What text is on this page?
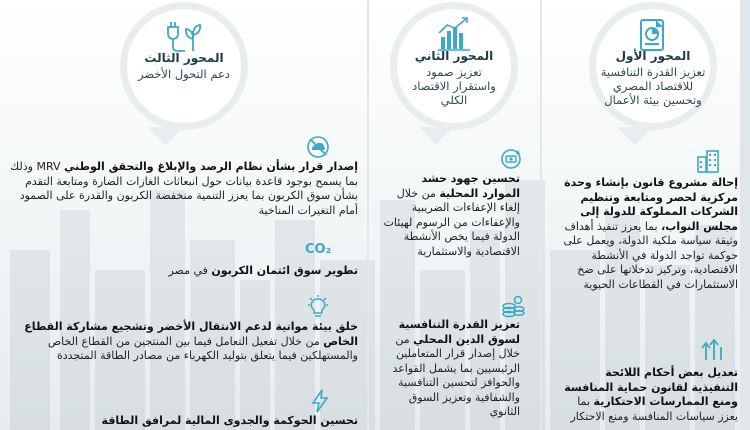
المحور الأول
تعزيز القدرة التنافسية للاقتصاد المصري وتحسين بيئة الأعمال
إحالة مشروع قانون بإنشاء وحدة مركزية لحصر ومتابعة وتنظيم الشركات المملوكة للدولة إلى مجلس النواب، بما يعزز تنفيذ أهداف وثيقة سياسة ملكية الدولة، ويعمل على حوكمة تواجد الدولة في الأنشطة الاقتصادية، وتركيز تدخلاتها على ضخ الاستثمارات في القطاعات الحيوية
تعديل بعض أحكام اللائحة التنفيذية لقانون حماية المنافسة ومنع الممارسات الاحتكارية بما يعزز سياسات المنافسة ومنع الاحتكار
المحور الثاني
تعزيز صمود واستقرار الاقتصاد الكلي
تحسين جهود حشد الموارد المحلية من خلال إلغاء الإعفاءات الضريبية والإعفاءات من الرسوم لهيئات الدولة فيما يخص الأنشطة الاقتصادية والاستثمارية
تعزيز القدرة التنافسية لسوق الدين المحلي من خلال إصدار قرار المتعاملين الرئيسيين بما يشمل القواعد والحوافز لتحسين التنافسية والشفافية وتعزيز السوق الثانوي
المحور الثالث
دعم التحول الأخضر
إصدار قرار بشأن نظام الرصد والإبلاغ والتحقق الوطني MRV وذلك بما يسمح بوجود قاعدة بيانات حول انبعاثات الغازات الضارة ومتابعة التقدم بشأن سوق الكربون بما يعزز التنمية منخفضة الكربون والقدرة على الصمود أمام التغيرات المناخية
CO₂
تطوير سوق ائتمان الكربون في مصر
خلق بيئة مواتية لدعم الانتقال الأخضر وتشجيع مشاركة القطاع الخاص من خلال تفعيل التعامل فيما بين المنتجين من القطاع الخاص والمستهلكين فيما يتعلق بتوليد الكهرباء من مصادر الطاقة المتجددة
تحسين الحوكمة والجدوى المالية لمرافق الطاقة
